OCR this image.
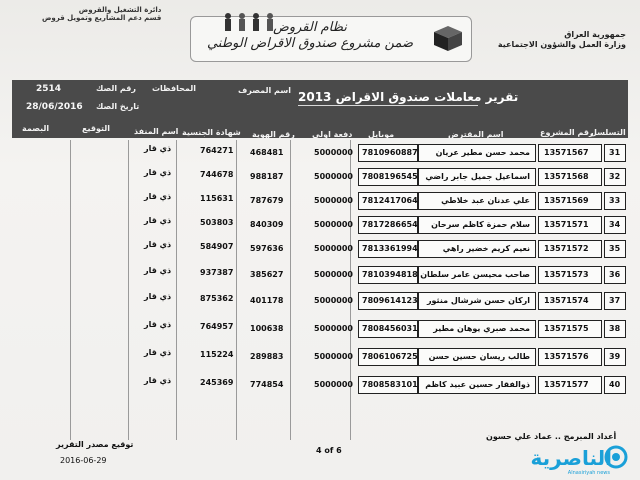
جمهورية العراق
وزارة العمل والشؤون الاجتماعية
دائرة التشغيل والقروض
قسم دعم المشاريع وتمويل قروض
نظام القروض
ضمن مشروع صندوق الاقراض الوطني
تقرير معاملات صندوق الاقراض 2013
المحافظات	اسم المصرف
رقم الصك
2514
تاريخ الصك
28/06/2016
التسلسل
رقم المشروع
اسم المقترض
موبايل
دفعة اولى
رقم الهوية
شهادة الجنسية
اسم المنفذ
التوقيع
البصمة
31
13571567
محمد حسن مطير عريان
7810960887
5000000
468481
764271
ذي قار
32
13571568
اسماعيل جميل جابر راضي
7808196545
5000000
988187
744678
ذي قار
33
13571569
علي عدنان عبد خلاطي
7812417064
5000000
787679
115631
ذي قار
34
13571571
سلام حمزة كاظم سرحان
7817286654
5000000
840309
503803
ذي قار
35
13571572
نعيم كريم خضير راهي
7813361994
5000000
597636
584907
ذي قار
36
13571573
صاحب محيسن عامر سلطان
7810394818
5000000
385627
937387
ذي قار
37
13571574
اركان حسن شرشال منثور
7809614123
5000000
401178
875362
ذي قار
38
13571575
محمد صبري يوهان مطير
7808456031
5000000
100638
764957
ذي قار
39
13571576
طالب ريسان حسين حسن
7806106725
5000000
289883
115224
ذي قار
40
13571577
ذوالفقار حسين عبيد كاظم
7808583101
5000000
774854
245369
ذي قار
أعداد المبرمج .. عماد علي حسون
4 of 6
توقيع مصدر التقرير
2016-06-29	الناصرية
Alnasiriyah news
